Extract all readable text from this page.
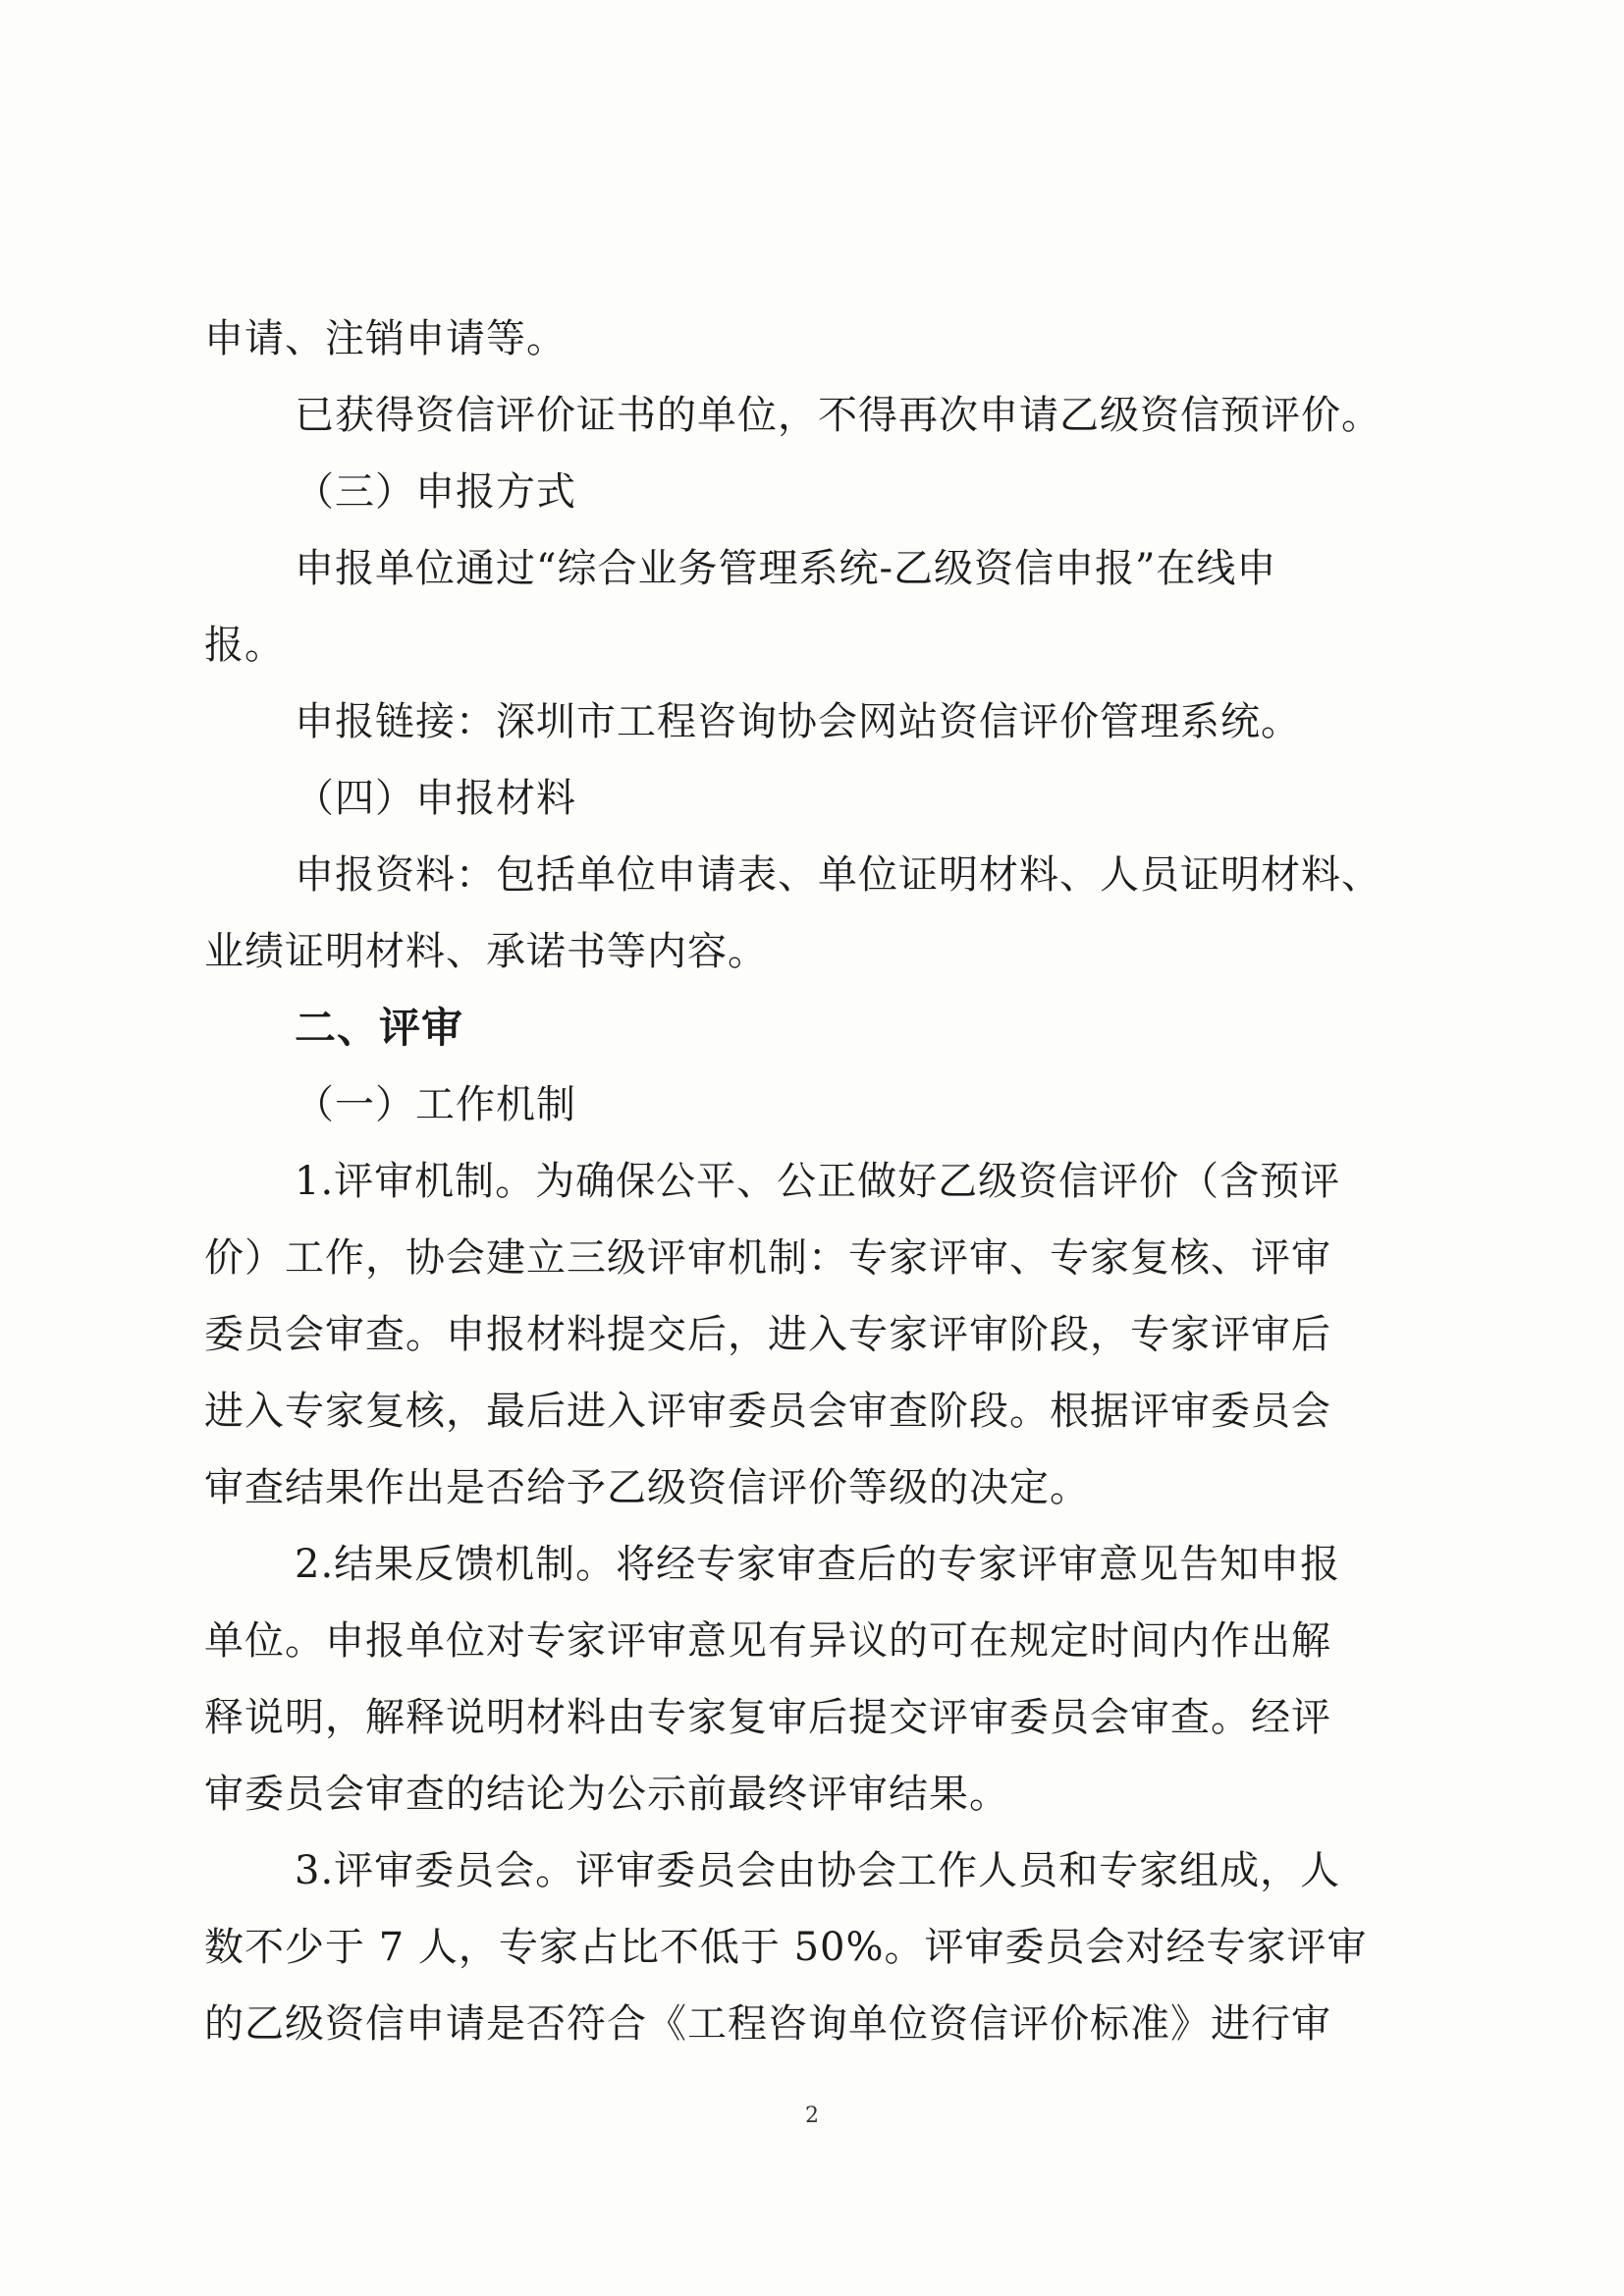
申请、注销申请等。
已获得资信评价证书的单位，不得再次申请乙级资信预评价。
（三）申报方式
申报单位通过“综合业务管理系统-乙级资信申报”在线申
报。
申报链接：深圳市工程咨询协会网站资信评价管理系统。
（四）申报材料
申报资料：包括单位申请表、单位证明材料、人员证明材料、
业绩证明材料、承诺书等内容。
二、评审
（一）工作机制
1.评审机制。为确保公平、公正做好乙级资信评价（含预评
价）工作，协会建立三级评审机制：专家评审、专家复核、评审
委员会审查。申报材料提交后，进入专家评审阶段，专家评审后
进入专家复核，最后进入评审委员会审查阶段。根据评审委员会
审查结果作出是否给予乙级资信评价等级的决定。
2.结果反馈机制。将经专家审查后的专家评审意见告知申报
单位。申报单位对专家评审意见有异议的可在规定时间内作出解
释说明，解释说明材料由专家复审后提交评审委员会审查。经评
审委员会审查的结论为公示前最终评审结果。
3.评审委员会。评审委员会由协会工作人员和专家组成，人
数不少于 7 人，专家占比不低于 50%。评审委员会对经专家评审
的乙级资信申请是否符合《工程咨询单位资信评价标准》进行审
2
